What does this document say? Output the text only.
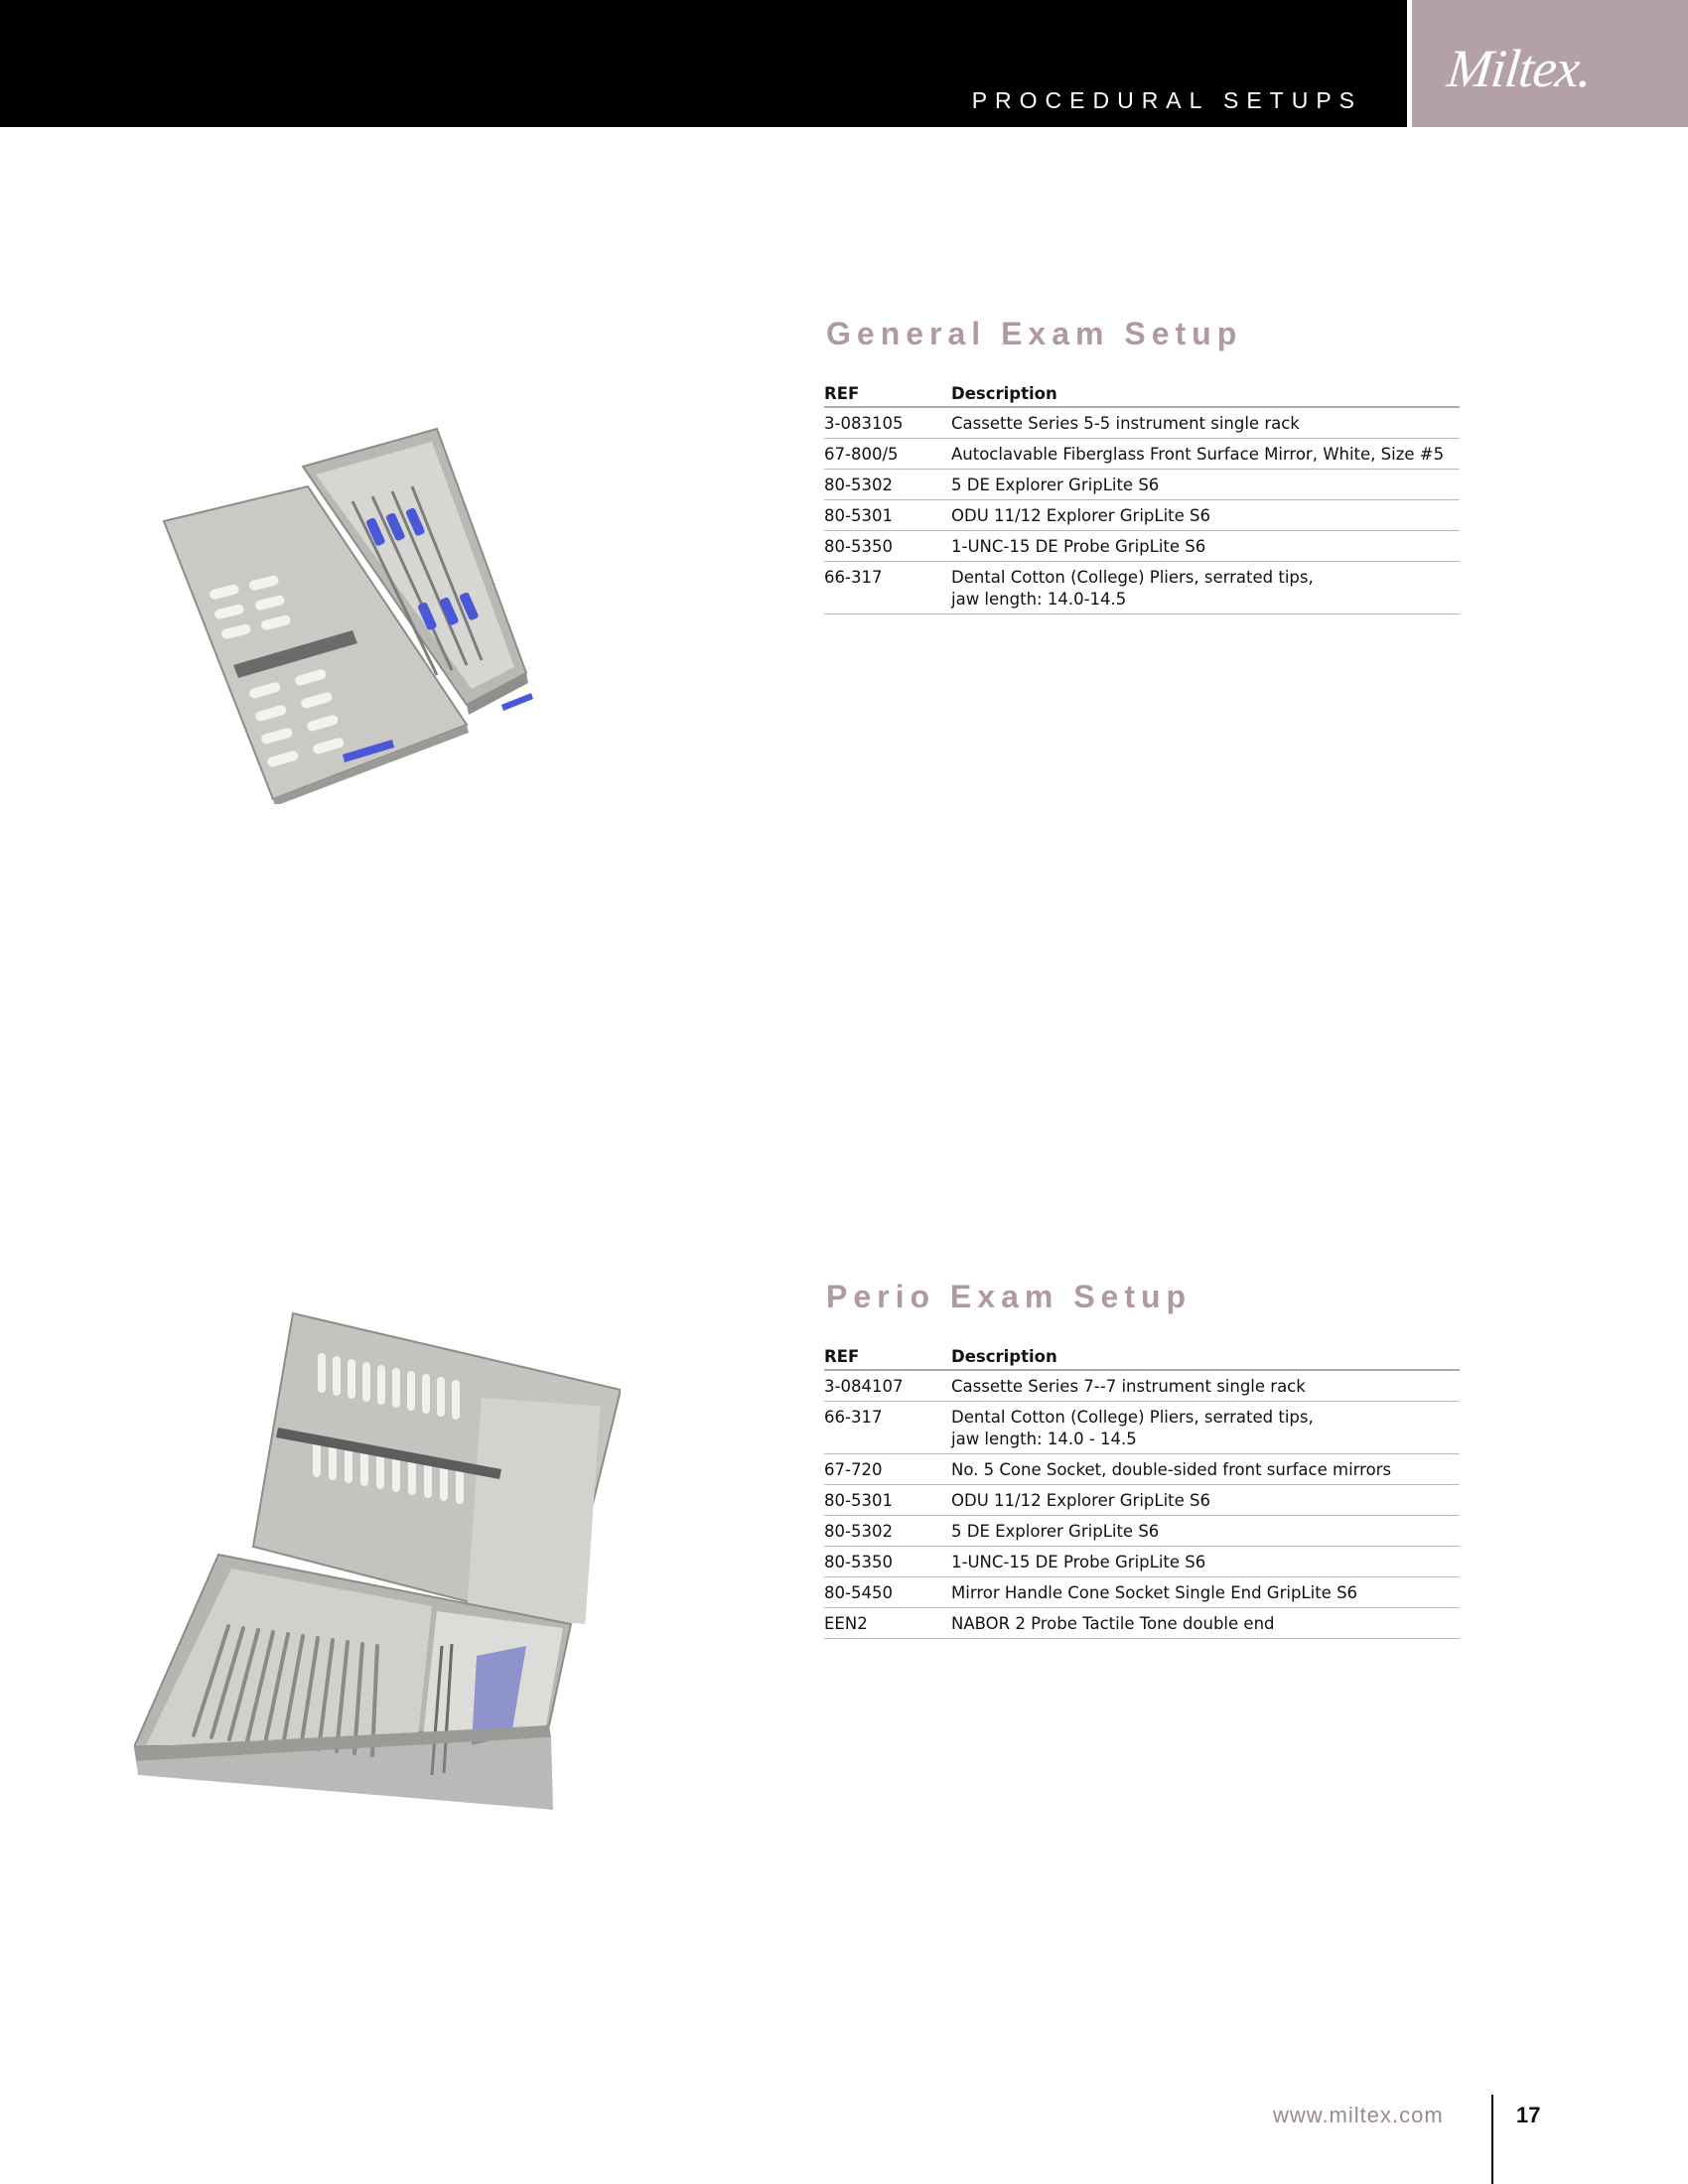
PROCEDURAL SETUPS
Miltex.
General Exam Setup
REF	Description
3-083105	Cassette Series 5-5 instrument single rack
67-800/5	Autoclavable Fiberglass Front Surface Mirror, White, Size #5
80-5302	5 DE Explorer GripLite S6
80-5301	ODU 11/12 Explorer GripLite S6
80-5350	1-UNC-15 DE Probe GripLite S6
66-317	Dental Cotton (College) Pliers, serrated tips,
jaw length: 14.0-14.5
Perio Exam Setup
REF	Description
3-084107	Cassette Series 7--7 instrument single rack
66-317	Dental Cotton (College) Pliers, serrated tips,
jaw length: 14.0 - 14.5

67-720	No. 5 Cone Socket, double-sided front surface mirrors
80-5301	ODU 11/12 Explorer GripLite S6
80-5302	5 DE Explorer GripLite S6
80-5350	1-UNC-15 DE Probe GripLite S6
80-5450	Mirror Handle Cone Socket Single End GripLite S6
EEN2	NABOR 2 Probe Tactile Tone double end
www.miltex.com	17
